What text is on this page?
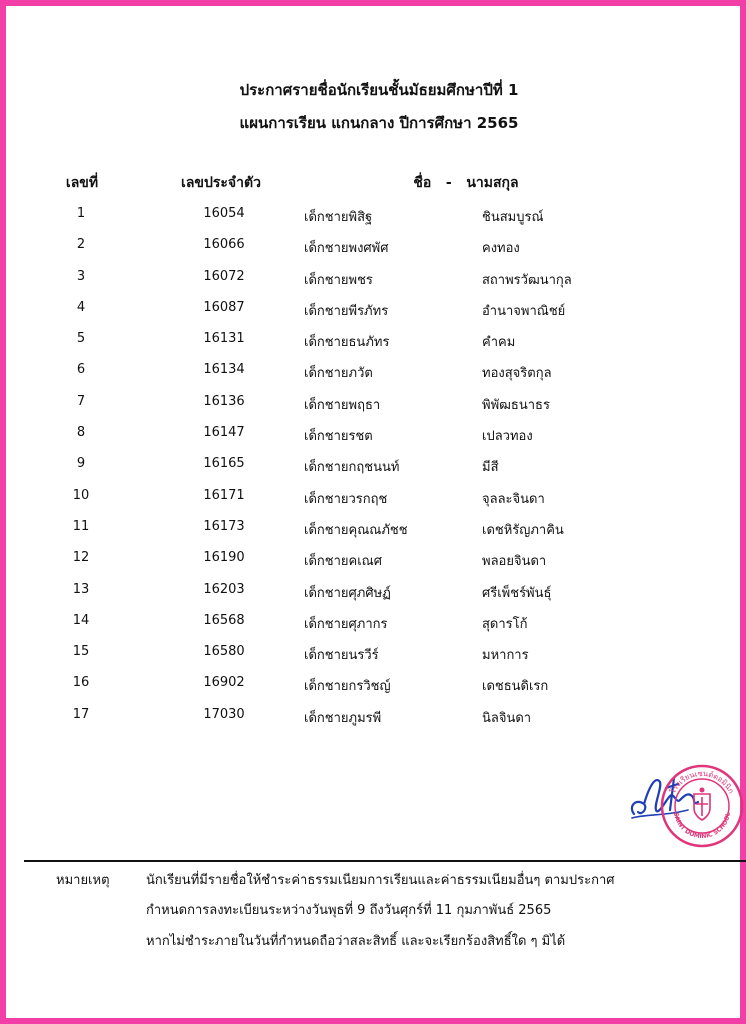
ประกาศรายชื่อนักเรียนชั้นมัธยมศึกษาปีที่ 1
แผนการเรียน แกนกลาง ปีการศึกษา 2565
เลขที่	เลขประจำตัว	ชื่อ   -   นามสกุล
1	16054	เด็กชายพิสิฐ	ชินสมบูรณ์
2	16066	เด็กชายพงศพัศ	คงทอง
3	16072	เด็กชายพชร	สถาพรวัฒนากุล
4	16087	เด็กชายพีรภัทร	อำนาจพาณิชย์
5	16131	เด็กชายธนภัทร	คำคม
6	16134	เด็กชายภวัต	ทองสุจริตกุล
7	16136	เด็กชายพฤธา	พิพัฒธนาธร
8	16147	เด็กชายรชต	เปลวทอง
9	16165	เด็กชายกฤชนนท์	มีสี
10	16171	เด็กชายวรกฤช	จุลละจินดา
11	16173	เด็กชายคุณณภัชช	เดชหิรัญภาคิน
12	16190	เด็กชายคเณศ	พลอยจินดา
13	16203	เด็กชายศุภศิษฏ์	ศรีเพ็ชร์พันธุ์
14	16568	เด็กชายศุภากร	สุดารโก้
15	16580	เด็กชายนรวีร์	มหาการ
16	16902	เด็กชายกรวิชญ์	เดชธนดิเรก
17	17030	เด็กชายภูมรพี	นิลจินดา
โรงเรียนเซนต์ดอมินิก
SAINT DOMINIC SCHOOL
หมายเหตุ	นักเรียนที่มีรายชื่อให้ชำระค่าธรรมเนียมการเรียนและค่าธรรมเนียมอื่นๆ ตามประกาศ
กำหนดการลงทะเบียนระหว่างวันพุธที่ 9 ถึงวันศุกร์ที่ 11 กุมภาพันธ์ 2565
หากไม่ชำระภายในวันที่กำหนดถือว่าสละสิทธิ์ และจะเรียกร้องสิทธิ์ใด ๆ มิได้
